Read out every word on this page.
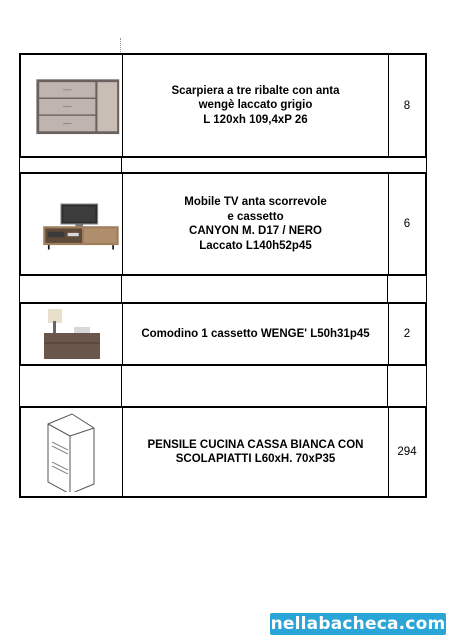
Scarpiera a tre ribalte con anta
wengè laccato grigio
L 120xh 109,4xP 26
8
Mobile TV anta scorrevole
e cassetto
CANYON M. D17 / NERO
Laccato L140h52p45
6
Comodino 1 cassetto WENGE' L50h31p45	2
PENSILE CUCINA CASSA BIANCA CON
SCOLAPIATTI L60xH. 70xP35
294
nellabacheca.com
